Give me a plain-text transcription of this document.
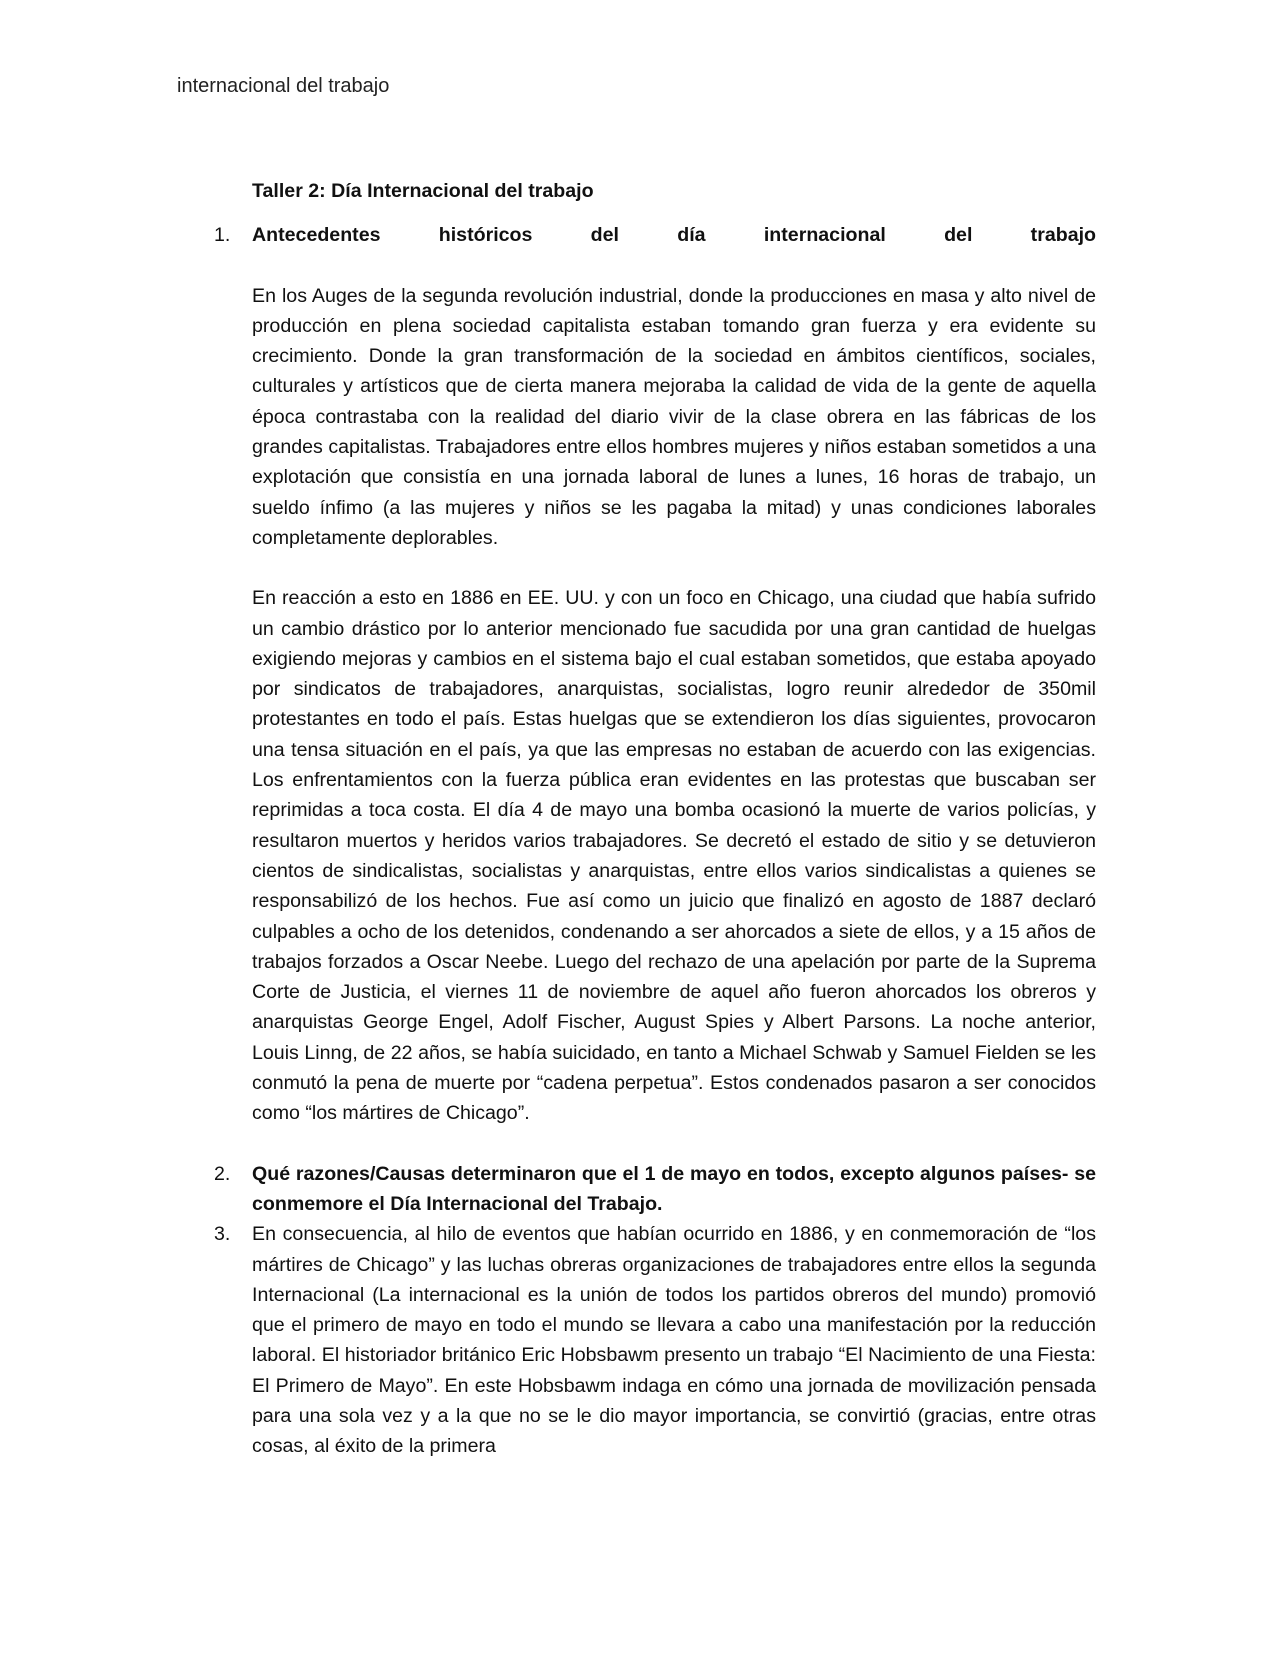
internacional del trabajo
Taller 2: Día Internacional del trabajo
1. Antecedentes históricos del día internacional del trabajo

En los Auges de la segunda revolución industrial, donde la producciones en masa y alto nivel de producción en plena sociedad capitalista estaban tomando gran fuerza y era evidente su crecimiento. Donde la gran transformación de la sociedad en ámbitos científicos, sociales, culturales y artísticos que de cierta manera mejoraba la calidad de vida de la gente de aquella época contrastaba con la realidad del diario vivir de la clase obrera en las fábricas de los grandes capitalistas. Trabajadores entre ellos hombres mujeres y niños estaban sometidos a una explotación que consistía en una jornada laboral de lunes a lunes, 16 horas de trabajo, un sueldo ínfimo (a las mujeres y niños se les pagaba la mitad) y unas condiciones laborales completamente deplorables.

En reacción a esto en 1886 en EE. UU. y con un foco en Chicago, una ciudad que había sufrido un cambio drástico por lo anterior mencionado fue sacudida por una gran cantidad de huelgas exigiendo mejoras y cambios en el sistema bajo el cual estaban sometidos, que estaba apoyado por sindicatos de trabajadores, anarquistas, socialistas, logro reunir alrededor de 350mil protestantes en todo el país. Estas huelgas que se extendieron los días siguientes, provocaron una tensa situación en el país, ya que las empresas no estaban de acuerdo con las exigencias. Los enfrentamientos con la fuerza pública eran evidentes en las protestas que buscaban ser reprimidas a toca costa. El día 4 de mayo una bomba ocasionó la muerte de varios policías, y resultaron muertos y heridos varios trabajadores. Se decretó el estado de sitio y se detuvieron cientos de sindicalistas, socialistas y anarquistas, entre ellos varios sindicalistas a quienes se responsabilizó de los hechos. Fue así como un juicio que finalizó en agosto de 1887 declaró culpables a ocho de los detenidos, condenando a ser ahorcados a siete de ellos, y a 15 años de trabajos forzados a Oscar Neebe. Luego del rechazo de una apelación por parte de la Suprema Corte de Justicia, el viernes 11 de noviembre de aquel año fueron ahorcados los obreros y anarquistas George Engel, Adolf Fischer, August Spies y Albert Parsons. La noche anterior, Louis Linng, de 22 años, se había suicidado, en tanto a Michael Schwab y Samuel Fielden se les conmutó la pena de muerte por “cadena perpetua”. Estos condenados pasaron a ser conocidos como “los mártires de Chicago”.

2. Qué razones/Causas determinaron que el 1 de mayo en todos, excepto algunos países- se conmemore el Día Internacional del Trabajo.
3. En consecuencia, al hilo de eventos que habían ocurrido en 1886, y en conmemoración de “los mártires de Chicago” y las luchas obreras organizaciones de trabajadores entre ellos la segunda Internacional (La internacional es la unión de todos los partidos obreros del mundo) promovió que el primero de mayo en todo el mundo se llevara a cabo una manifestación por la reducción laboral. El historiador británico Eric Hobsbawm presento un trabajo “El Nacimiento de una Fiesta: El Primero de Mayo”. En este Hobsbawm indaga en cómo una jornada de movilización pensada para una sola vez y a la que no se le dio mayor importancia, se convirtió (gracias, entre otras cosas, al éxito de la primera
